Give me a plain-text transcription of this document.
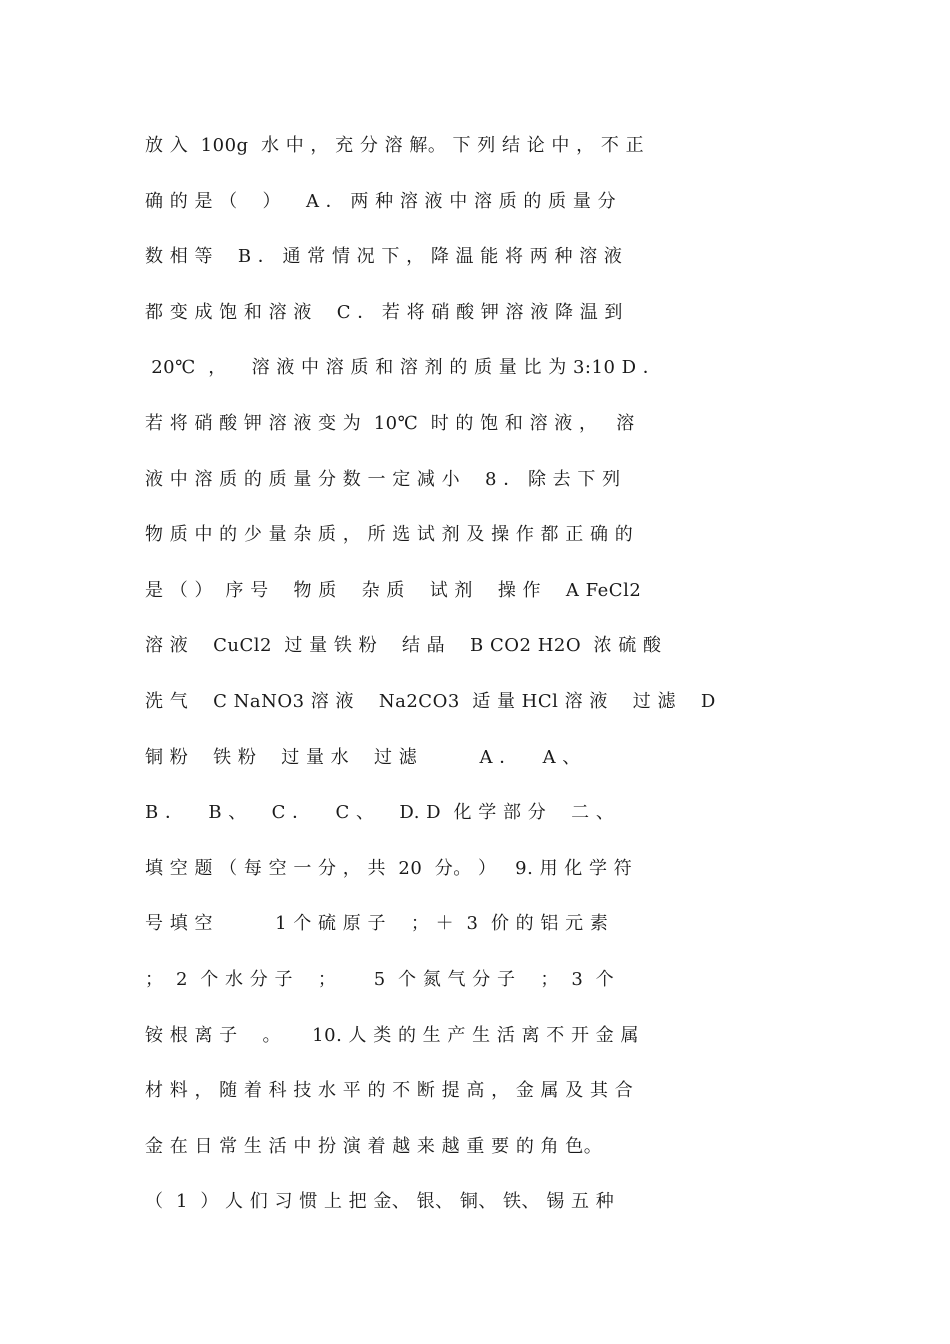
放 入  100g  水 中 ， 充 分 溶 解。 下 列 结 论 中 ， 不 正
确 的 是 （    ）    A ． 两 种 溶 液 中 溶 质 的 质 量 分
数 相 等    B ． 通 常 情 况 下 ， 降 温 能 将 两 种 溶 液
都 变 成 饱 和 溶 液    C ． 若 将 硝 酸 钾 溶 液 降 温 到
20℃  ，    溶 液 中 溶 质 和 溶 剂 的 质 量 比 为 3:10 D ．
若 将 硝 酸 钾 溶 液 变 为  10℃  时 的 饱 和 溶 液 ，   溶
液 中 溶 质 的 质 量 分 数 一 定 减 小    8 ． 除 去 下 列
物 质 中 的 少 量 杂 质 ， 所 选 试 剂 及 操 作 都 正 确 的
是 （ ）  序 号    物 质    杂 质    试 剂    操 作    A FeCl2
溶 液    CuCl2  过 量 铁 粉    结 晶    B CO2 H2O  浓 硫 酸
洗 气    C NaNO3 溶 液    Na2CO3  适 量 HCl 溶 液    过 滤    D
铜 粉    铁 粉    过 量 水    过 滤          A ．    A 、
B ．    B 、    C ．    C 、    D. D  化 学 部 分    二 、
填 空 题 （ 每 空 一 分 ， 共  20  分。 ）   9. 用 化 学 符
号 填 空          1 个 硫 原 子    ； ＋  3  价 的 铝 元 素
；  2  个 水 分 子    ；      5  个 氮 气 分 子    ；  3  个
铵 根 离 子    。     10. 人 类 的 生 产 生 活 离 不 开 金 属
材 料 ， 随 着 科 技 水 平 的 不 断 提 高 ， 金 属 及 其 合
金 在 日 常 生 活 中 扮 演 着 越 来 越 重 要 的 角 色。
（  1  ） 人 们 习 惯 上 把 金、 银、 铜、 铁、 锡 五 种
